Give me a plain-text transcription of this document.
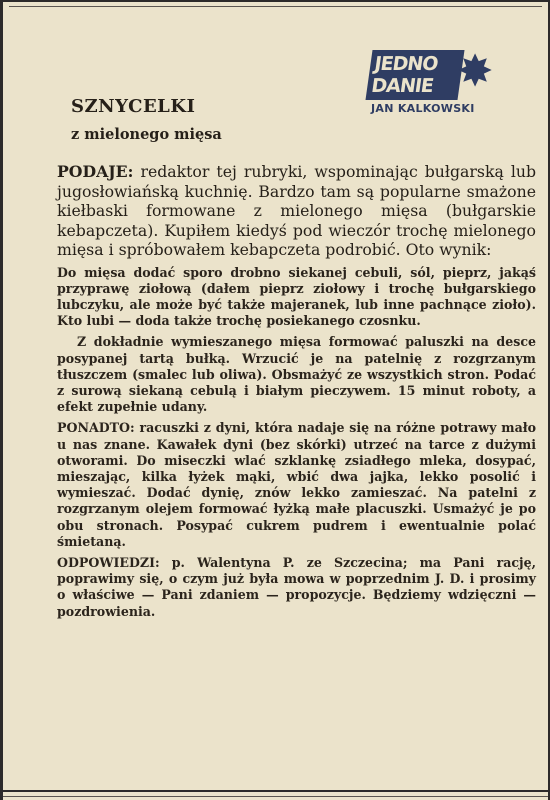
JEDNO
DANIE ✸
JAN KALKOWSKI
SZNYCELKI
z mielonego mięsa

PODAJE: redaktor tej rubryki, wspominając bułgarską lub jugosłowiańską kuchnię. Bardzo tam są popularne smażone kiełbaski formowane z mielonego mięsa (bułgarskie kebapczeta). Kupiłem kiedyś pod wieczór trochę mielonego mięsa i spróbowałem kebapczeta podrobić. Oto wynik:

Do mięsa dodać sporo drobno siekanej cebuli, sól, pieprz, jakąś przyprawę ziołową (dałem pieprz ziołowy i trochę bułgarskiego lubczyku, ale może być także majeranek, lub inne pachnące zioło). Kto lubi — doda także trochę posiekanego czosnku.

Z dokładnie wymieszanego mięsa formować paluszki na desce posypanej tartą bułką. Wrzucić je na patelnię z rozgrzanym tłuszczem (smalec lub oliwa). Obsmażyć ze wszystkich stron. Podać z surową siekaną cebulą i białym pieczywem. 15 minut roboty, a efekt zupełnie udany.

PONADTO: racuszki z dyni, która nadaje się na różne potrawy mało u nas znane. Kawałek dyni (bez skórki) utrzeć na tarce z dużymi otworami. Do miseczki wlać szklankę zsiadłego mleka, dosypać, mieszając, kilka łyżek mąki, wbić dwa jajka, lekko posolić i wymieszać. Dodać dynię, znów lekko zamieszać. Na patelni z rozgrzanym olejem formować łyżką małe placuszki. Usmażyć je po obu stronach. Posypać cukrem pudrem i ewentualnie polać śmietaną.

ODPOWIEDZI: p. Walentyna P. ze Szczecina; ma Pani rację, poprawimy się, o czym już była mowa w poprzednim J. D. i prosimy o właściwe — Pani zdaniem — propozycje. Będziemy wdzięczni — pozdrowienia.
